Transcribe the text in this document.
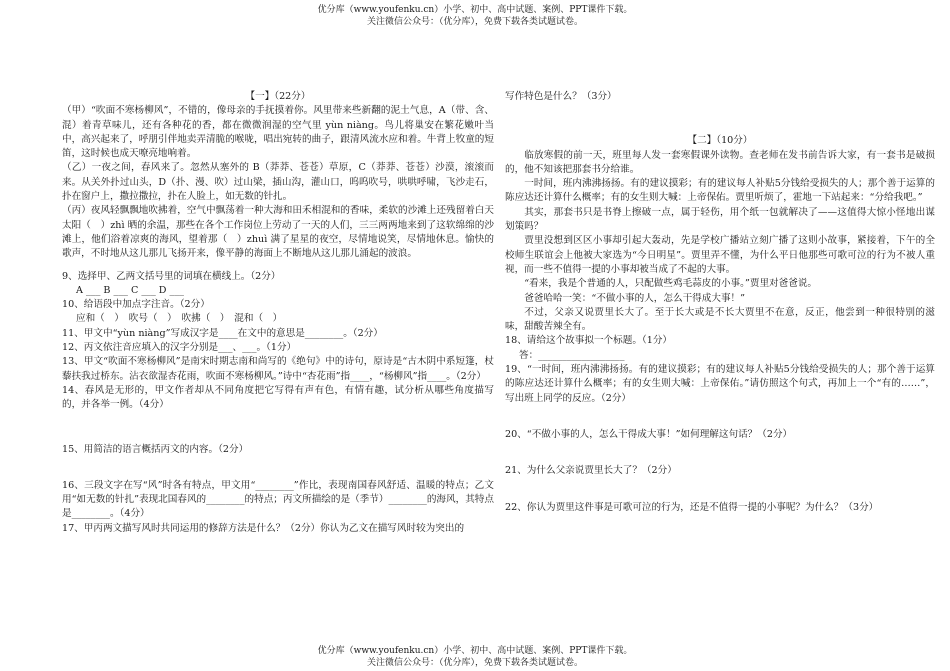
优分库（www.youfenku.cn）小学、初中、高中试题、案例、PPT课件下载。
关注微信公众号：（优分库），免费下载各类试题试卷。

【一】（22分）

（甲）“吹面不寒杨柳风”，不错的，像母亲的手抚摸着你。风里带来些新翻的泥土气息，A（带、含、混）着青草味儿，还有各种花的香，都在微微润湿的空气里 yùn niàng。鸟儿将巢安在繁花嫩叶当中，高兴起来了，呼朋引伴地卖弄清脆的喉咙，唱出宛转的曲子，跟清风流水应和着。牛背上牧童的短笛，这时候也成天嘹亮地响着。

（乙）一夜之间，春风来了。忽然从塞外的 B（莽莽、苍苍）草原，C（莽莽、苍苍）沙漠，滚滚而来。从关外扑过山头，D（扑、漫、吹）过山梁，插山沟，灌山口，呜呜吹号，哄哄呼啸，飞沙走石，扑在窗户上，撒拉撒拉，扑在人脸上，如无数的针扎。

（丙）夜风轻飘飘地吹拂着，空气中飘荡着一种大海和田禾相混和的香味，柔软的沙滩上还残留着白天太阳（　）zhì 晒的余温，那些在各个工作岗位上劳动了一天的人们，三三两两地来到了这软绵绵的沙滩上，他们浴着凉爽的海风，望着那（　）zhuì 满了星星的夜空，尽情地说笑，尽情地休息。愉快的歌声，不时地从这儿那儿飞扬开来，像平静的海面上不断地从这儿那儿涌起的波浪。

9、选择甲、乙两文括号里的词填在横线上。（2分）

A ___ B ___ C ___ D ___

10、给语段中加点字注音。（2分）

应和（　）　吹号（　）　吹拂（　）　混和（　）

11、甲文中“yùn niàng”写成汉字是____在文中的意思是________。（2分）

12、丙文依注音应填入的汉字分别是___、___。（1分）

13、甲文“吹面不寒杨柳风”是南宋时期志南和尚写的《绝句》中的诗句，原诗是“古木阴中系短篷，杖藜扶我过桥东。沾衣欲湿杏花雨，吹面不寒杨柳风。”诗中“杏花雨”指____，“杨柳风”指____。（2分）

14、春风是无形的，甲文作者却从不同角度把它写得有声有色，有情有趣，试分析从哪些角度描写的，并各举一例。（4分）

15、用简洁的语言概括丙文的内容。（2分）

16、三段文字在写“风”时各有特点，甲文用“________”作比，表现南国春风舒适、温暖的特点；乙文用“如无数的针扎”表现北国春风的________的特点；丙文所描绘的是（季节）________的海风，其特点是________。（4分）

17、甲丙两文描写风时共同运用的修辞方法是什么？（2分）你认为乙文在描写风时较为突出的

写作特色是什么？（3分）

【二】（10分）

临放寒假的前一天，班里每人发一套寒假课外读物。查老师在发书前告诉大家，有一套书是破损的，他不知该把那套书分给谁。

一时间，班内沸沸扬扬。有的建议摸彩；有的建议每人补贴5分钱给受损失的人；那个善于运算的陈应达还计算什么概率；有的女生则大喊：上帝保佑。贾里听烦了，霍地一下站起来：“分给我吧。”

其实，那套书只是书脊上擦破一点，属于轻伤，用个纸一包就解决了——这值得大惊小怪地出谋划策吗？

贾里没想到区区小事却引起大轰动，先是学校广播站立刻广播了这则小故事，紧接着，下午的全校师生联谊会上他被大家选为“今日明星”。贾里弄不懂，为什么平日他那些可歌可泣的行为不被人重视，而一些不值得一提的小事却被当成了不起的大事。

“看来，我是个普通的人，只配做些鸡毛蒜皮的小事。”贾里对爸爸说。

爸爸哈哈一笑：“不做小事的人，怎么干得成大事！”

不过，父亲又说贾里长大了。至于长大或是不长大贾里不在意，反正，他尝到一种很特别的滋味，甜酸苦辣全有。

18、请给这个故事拟一个标题。（1分）

答：__________________

19、“一时间，班内沸沸扬扬。有的建议摸彩；有的建议每人补贴5分钱给受损失的人；那个善于运算的陈应达还计算什么概率；有的女生则大喊：上帝保佑。”请仿照这个句式，再加上一个“有的……”，写出班上同学的反应。（2分）

20、“不做小事的人，怎么干得成大事！”如何理解这句话？（2分）

21、为什么父亲说贾里长大了？（2分）

22、你认为贾里这件事是可歌可泣的行为，还是不值得一提的小事呢？为什么？（3分）

优分库（www.youfenku.cn）小学、初中、高中试题、案例、PPT课件下载。
关注微信公众号：（优分库），免费下载各类试题试卷。
